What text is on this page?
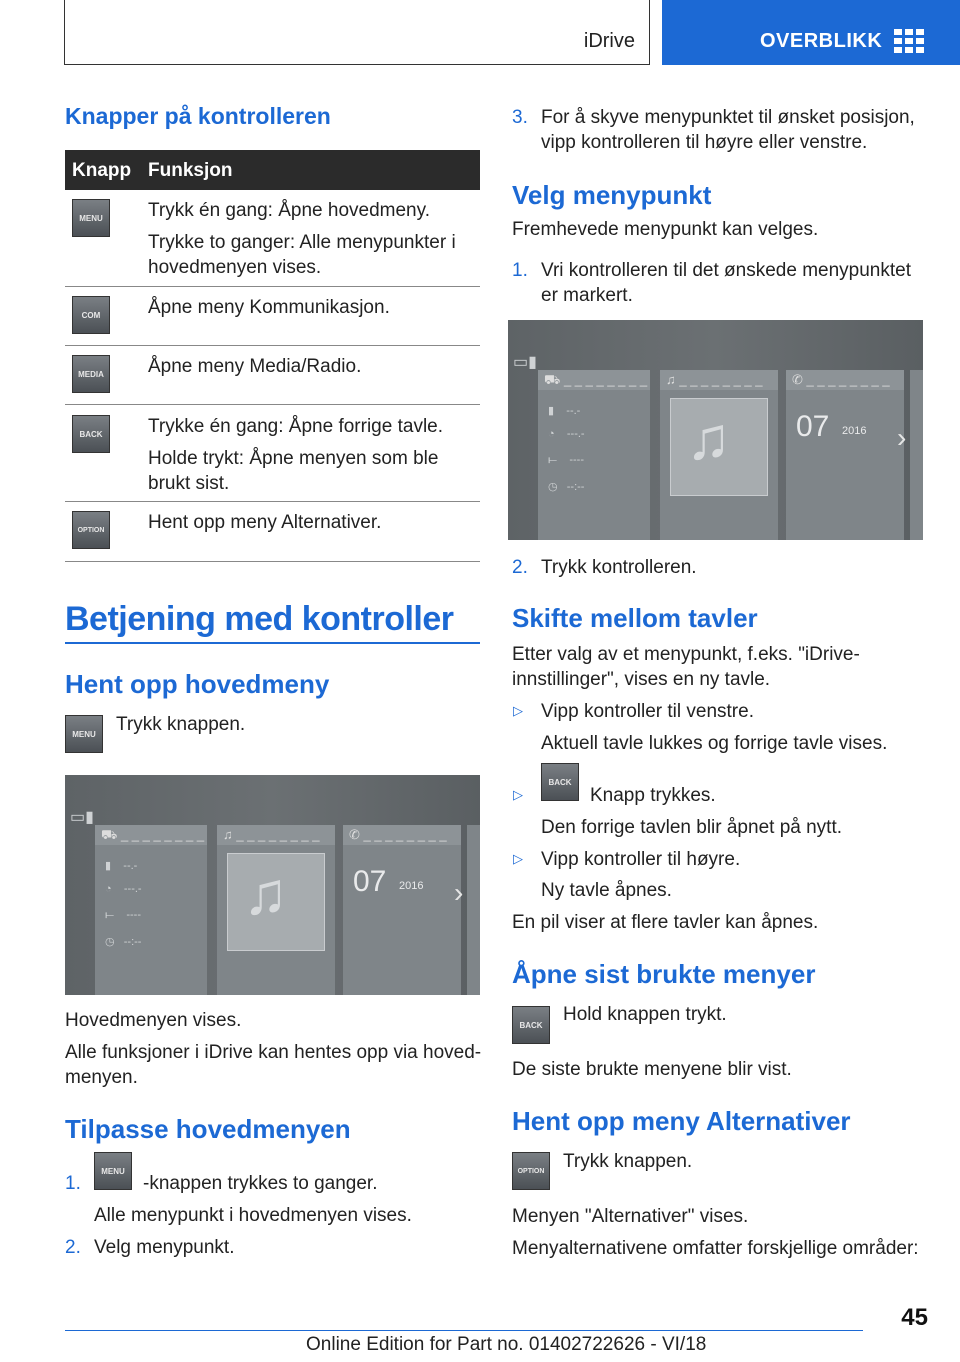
iDrive	OVERBLIKK
Knapper på kontrolleren
Knapp Funksjon
MENU	Trykk én gang: Åpne hovedmeny.
Trykke to ganger: Alle menypunkter i
hovedmenyen vises.
COM	Åpne meny Kommunikasjon.
MEDIA	Åpne meny Media/Radio.
BACK	Trykke én gang: Åpne forrige tavle.
Holde trykt: Åpne menyen som ble
brukt sist.
OPTION Hent opp meny Alternativer.
Betjening med kontroller
Hent opp hovedmeny
MENU	Trykk knappen.
▭▮
⛟ _ _ _ _ _ _ _ _
▮    --.-
◔    ---.-
⟝    ----
◷   --:--
♫ _ _ _ _ _ _ _ _
♫
✆ _ _ _ _ _ _ _ _
07 2016 ›
Hovedmenyen vises.
Alle funksjoner i iDrive kan hentes opp via hoved-
menyen.
Tilpasse hovedmenyen
1.
MENU
-knappen trykkes to ganger.
Alle menypunkt i hovedmenyen vises.
2. Velg menypunkt.
3. For å skyve menypunktet til ønsket posisjon,
vipp kontrolleren til høyre eller venstre.
Velg menypunkt
Fremhevede menypunkt kan velges.
1. Vri kontrolleren til det ønskede menypunktet
er markert.
▭▮
⛟ _ _ _ _ _ _ _ _
▮    --.-
◔    ---.-
⟝    ----
◷   --:--
♫ _ _ _ _ _ _ _ _
♫
✆ _ _ _ _ _ _ _ _
07 2016 ›
2. Trykk kontrolleren.
Skifte mellom tavler
Etter valg av et menypunkt, f.eks. "iDrive-
innstillinger", vises en ny tavle.
▷ Vipp kontroller til venstre.
Aktuell tavle lukkes og forrige tavle vises.
▷
BACK
Knapp trykkes.
Den forrige tavlen blir åpnet på nytt.
▷ Vipp kontroller til høyre.
Ny tavle åpnes.
En pil viser at flere tavler kan åpnes.
Åpne sist brukte menyer
BACK	Hold knappen trykt.
De siste brukte menyene blir vist.
Hent opp meny Alternativer
OPTION Trykk knappen.
Menyen "Alternativer" vises.
Menyalternativene omfatter forskjellige områder:
45
Online Edition for Part no. 01402722626 - VI/18
